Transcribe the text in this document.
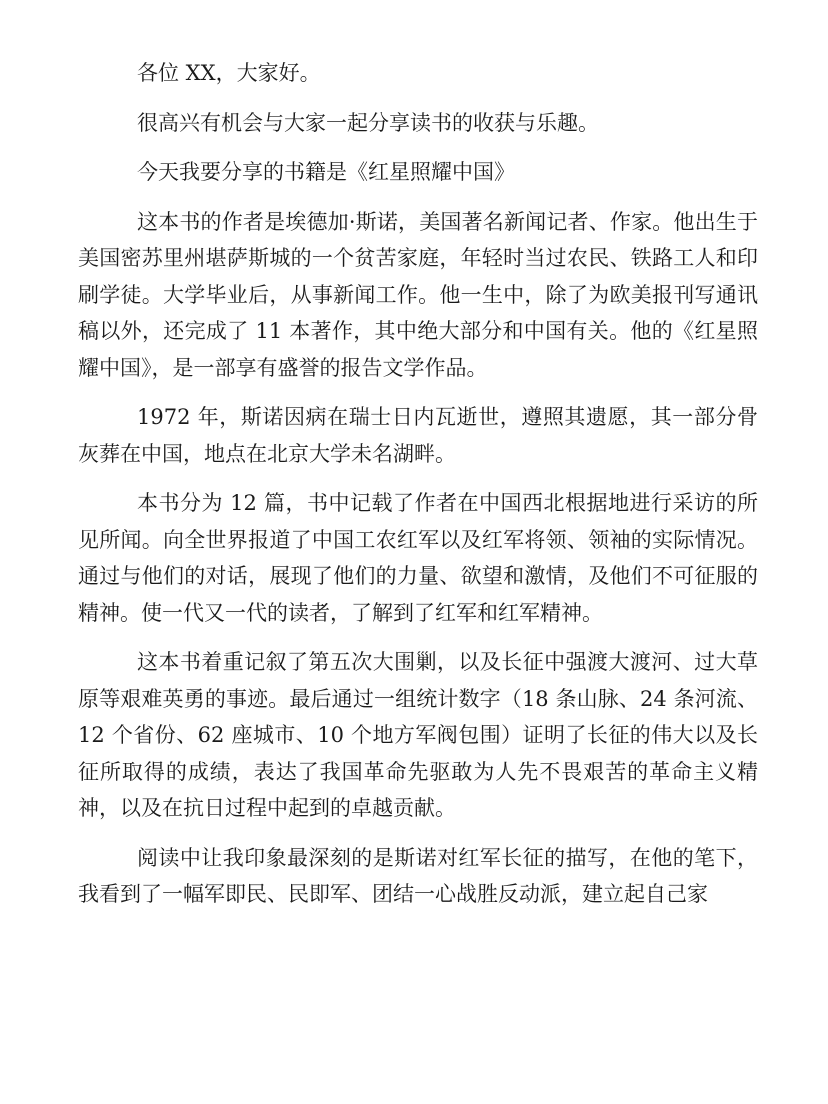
各位 XX，大家好。

很高兴有机会与大家一起分享读书的收获与乐趣。

今天我要分享的书籍是《红星照耀中国》

这本书的作者是埃德加·斯诺，美国著名新闻记者、作家。他出生于美国密苏里州堪萨斯城的一个贫苦家庭，年轻时当过农民、铁路工人和印刷学徒。大学毕业后，从事新闻工作。他一生中，除了为欧美报刊写通讯稿以外，还完成了 11 本著作，其中绝大部分和中国有关。他的《红星照耀中国》，是一部享有盛誉的报告文学作品。

1972 年，斯诺因病在瑞士日内瓦逝世，遵照其遗愿，其一部分骨灰葬在中国，地点在北京大学未名湖畔。

本书分为 12 篇，书中记载了作者在中国西北根据地进行采访的所见所闻。向全世界报道了中国工农红军以及红军将领、领袖的实际情况。通过与他们的对话，展现了他们的力量、欲望和激情，及他们不可征服的精神。使一代又一代的读者，了解到了红军和红军精神。

这本书着重记叙了第五次大围剿，以及长征中强渡大渡河、过大草原等艰难英勇的事迹。最后通过一组统计数字（18 条山脉、24 条河流、12 个省份、62 座城市、10 个地方军阀包围）证明了长征的伟大以及长征所取得的成绩，表达了我国革命先驱敢为人先不畏艰苦的革命主义精神，以及在抗日过程中起到的卓越贡献。

阅读中让我印象最深刻的是斯诺对红军长征的描写，在他的笔下，我看到了一幅军即民、民即军、团结一心战胜反动派，建立起自己家
